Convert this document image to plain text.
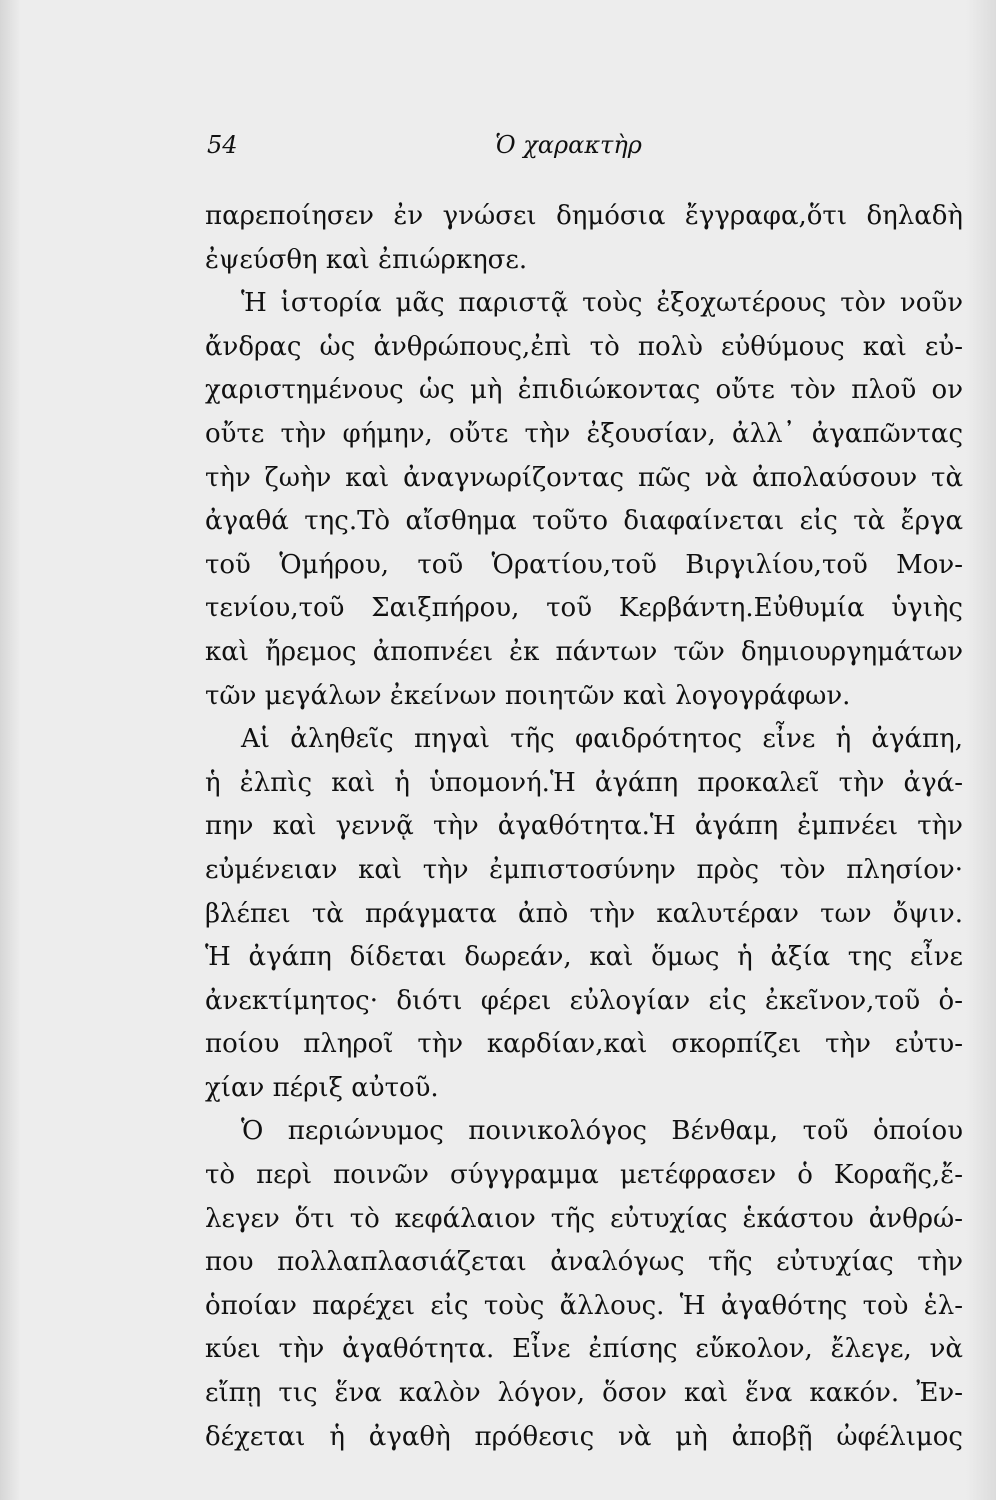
54	Ὁ χαρακτὴρ
παρεποίησεν ἐν γνώσει δημόσια ἔγγραφα,ὅτι δηλαδὴ
ἐψεύσθη καὶ ἐπιώρκησε.
Ἡ ἱστορία μᾶς παριστᾷ τοὺς ἐξοχωτέρους τὸν νοῦν
ἄνδρας ὡς ἀνθρώπους,ἐπὶ τὸ πολὺ εὐθύμους καὶ εὐ-
χαριστημένους ὡς μὴ ἐπιδιώκοντας οὔτε τὸν πλοῦ ον
οὔτε τὴν φήμην, οὔτε τὴν ἐξουσίαν, ἀλλ᾽ ἀγαπῶντας
τὴν ζωὴν καὶ ἀναγνωρίζοντας πῶς νὰ ἀπολαύσουν τὰ
ἀγαθά της.Τὸ αἴσθημα τοῦτο διαφαίνεται εἰς τὰ ἔργα
τοῦ Ὁμήρου, τοῦ Ὁρατίου,τοῦ Βιργιλίου,τοῦ Μον-
τενίου,τοῦ Σαιξπήρου, τοῦ Κερβάντη.Εὐθυμία ὑγιὴς
καὶ ἤρεμος ἀποπνέει ἐκ πάντων τῶν δημιουργημάτων
τῶν μεγάλων ἐκείνων ποιητῶν καὶ λογογράφων.
Αἱ ἀληθεῖς πηγαὶ τῆς φαιδρότητος εἶνε ἡ ἀγάπη,
ἡ ἐλπὶς καὶ ἡ ὑπομονή.Ἡ ἀγάπη προκαλεῖ τὴν ἀγά-
πην καὶ γεννᾷ τὴν ἀγαθότητα.Ἡ ἀγάπη ἐμπνέει τὴν
εὐμένειαν καὶ τὴν ἐμπιστοσύνην πρὸς τὸν πλησίον·
βλέπει τὰ πράγματα ἀπὸ τὴν καλυτέραν των ὄψιν.
Ἡ ἀγάπη δίδεται δωρεάν, καὶ ὅμως ἡ ἀξία της εἶνε
ἀνεκτίμητος· διότι φέρει εὐλογίαν εἰς ἐκεῖνον,τοῦ ὁ-
ποίου πληροῖ τὴν καρδίαν,καὶ σκορπίζει τὴν εὐτυ-
χίαν πέριξ αὐτοῦ.
Ὁ περιώνυμος ποινικολόγος Βένθαμ, τοῦ ὁποίου
τὸ περὶ ποινῶν σύγγραμμα μετέφρασεν ὁ Κοραῆς,ἔ-
λεγεν ὅτι τὸ κεφάλαιον τῆς εὐτυχίας ἑκάστου ἀνθρώ-
που πολλαπλασιάζεται ἀναλόγως τῆς εὐτυχίας τὴν
ὁποίαν παρέχει εἰς τοὺς ἄλλους. Ἡ ἀγαθότης τοὺ ἑλ-
κύει τὴν ἀγαθότητα. Εἶνε ἐπίσης εὔκολον, ἔλεγε, νὰ
εἴπῃ τις ἕνα καλὸν λόγον, ὅσον καὶ ἕνα κακόν. Ἐν-
δέχεται ἡ ἀγαθὴ πρόθεσις νὰ μὴ ἀποβῇ ὠφέλιμος
